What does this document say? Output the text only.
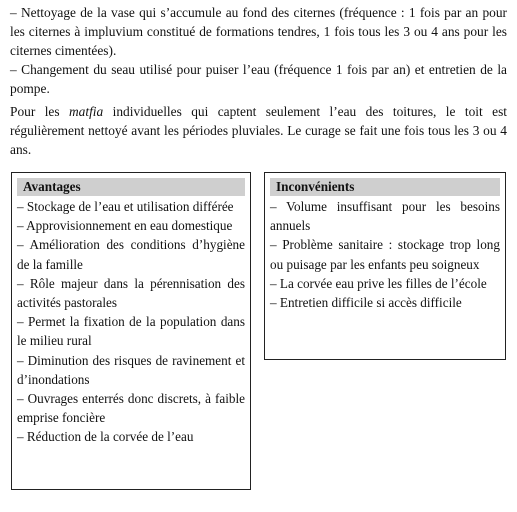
– Nettoyage de la vase qui s’accumule au fond des citernes (fréquence : 1 fois par an pour les citernes à impluvium constitué de formations tendres, 1 fois tous les 3 ou 4 ans pour les citernes cimentées).

– Changement du seau utilisé pour puiser l’eau (fréquence 1 fois par an) et entretien de la pompe.

Pour les matfia individuelles qui captent seulement l’eau des toitures, le toit est régulièrement nettoyé avant les périodes pluviales. Le curage se fait une fois tous les 3 ou 4 ans.

Avantages
– Stockage de l’eau et utilisation différée
– Approvisionnement en eau domestique
– Amélioration des conditions d’hygiène de la famille
– Rôle majeur dans la pérennisation des activités pastorales
– Permet la fixation de la population dans le milieu rural
– Diminution des risques de ravinement et d’inondations
– Ouvrages enterrés donc discrets, à faible emprise foncière
– Réduction de la corvée de l’eau
Inconvénients
– Volume insuffisant pour les besoins annuels
– Problème sanitaire : stockage trop long ou puisage par les enfants peu soigneux
– La corvée eau prive les filles de l’école
– Entretien difficile si accès difficile
